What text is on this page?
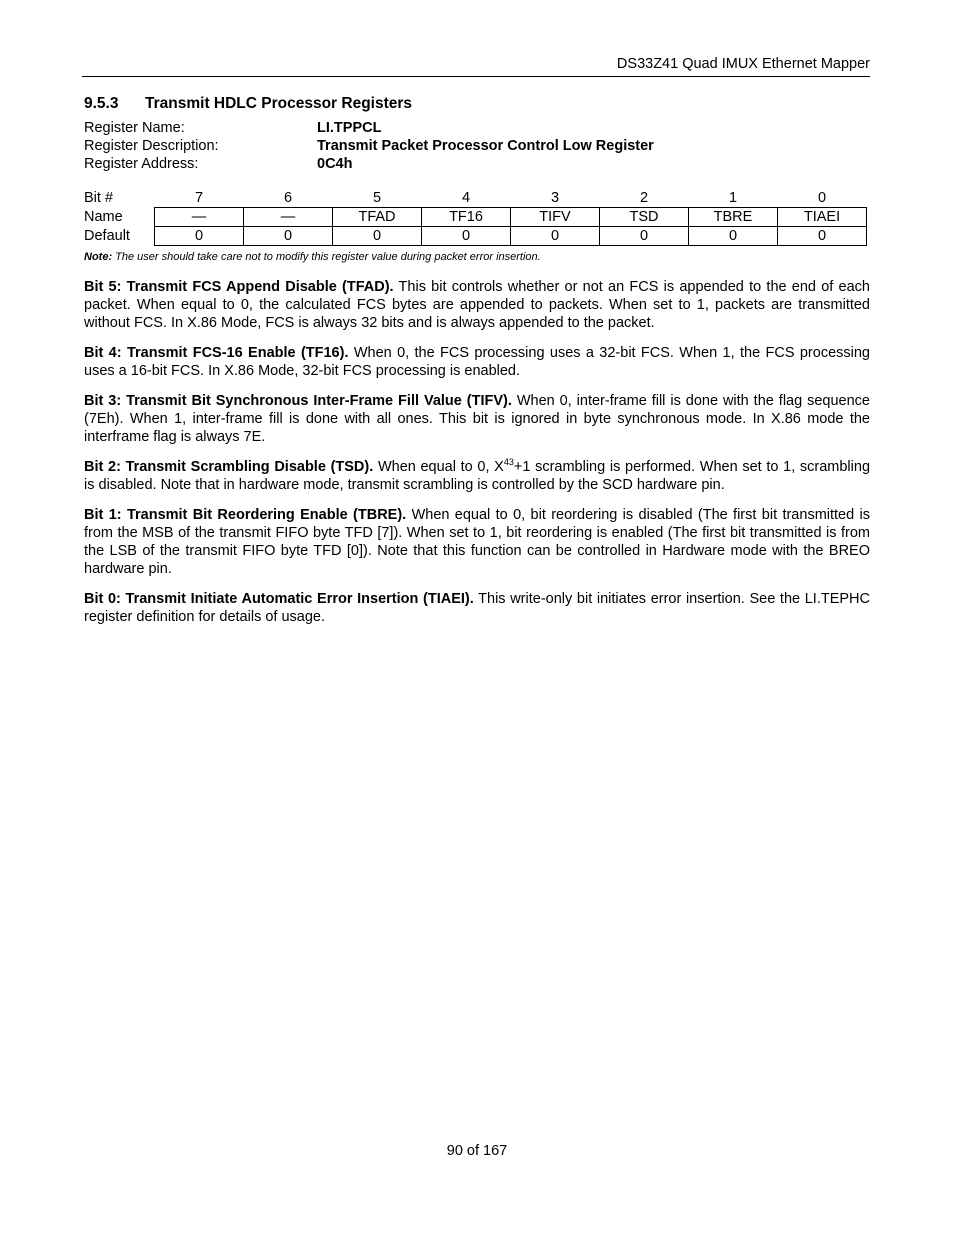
DS33Z41 Quad IMUX Ethernet Mapper
9.5.3 Transmit HDLC Processor Registers
Register Name:	LI.TPPCL
Register Description:	Transmit Packet Processor Control Low Register
Register Address:	0C4h
Bit #	7	6	5	4	3	2	1	0
Name	—	—	TFAD	TF16	TIFV	TSD	TBRE	TIAEI
Default	0	0	0	0	0	0	0	0
Note: The user should take care not to modify this register value during packet error insertion.

Bit 5: Transmit FCS Append Disable (TFAD). This bit controls whether or not an FCS is appended to the end of each packet. When equal to 0, the calculated FCS bytes are appended to packets. When set to 1, packets are transmitted without FCS. In X.86 Mode, FCS is always 32 bits and is always appended to the packet.

Bit 4: Transmit FCS-16 Enable (TF16). When 0, the FCS processing uses a 32-bit FCS. When 1, the FCS processing uses a 16-bit FCS. In X.86 Mode, 32-bit FCS processing is enabled.

Bit 3: Transmit Bit Synchronous Inter-Frame Fill Value (TIFV). When 0, inter-frame fill is done with the flag sequence (7Eh). When 1, inter-frame fill is done with all ones. This bit is ignored in byte synchronous mode. In X.86 mode the interframe flag is always 7E.

Bit 2: Transmit Scrambling Disable (TSD). When equal to 0, $X^{43}+1$ scrambling is performed. When set to 1, scrambling is disabled. Note that in hardware mode, transmit scrambling is controlled by the SCD hardware pin.

Bit 1: Transmit Bit Reordering Enable (TBRE). When equal to 0, bit reordering is disabled (The first bit transmitted is from the MSB of the transmit FIFO byte TFD [7]). When set to 1, bit reordering is enabled (The first bit transmitted is from the LSB of the transmit FIFO byte TFD [0]). Note that this function can be controlled in Hardware mode with the BREO hardware pin.

Bit 0: Transmit Initiate Automatic Error Insertion (TIAEI). This write-only bit initiates error insertion. See the LI.TEPHC register definition for details of usage.

90 of 167
